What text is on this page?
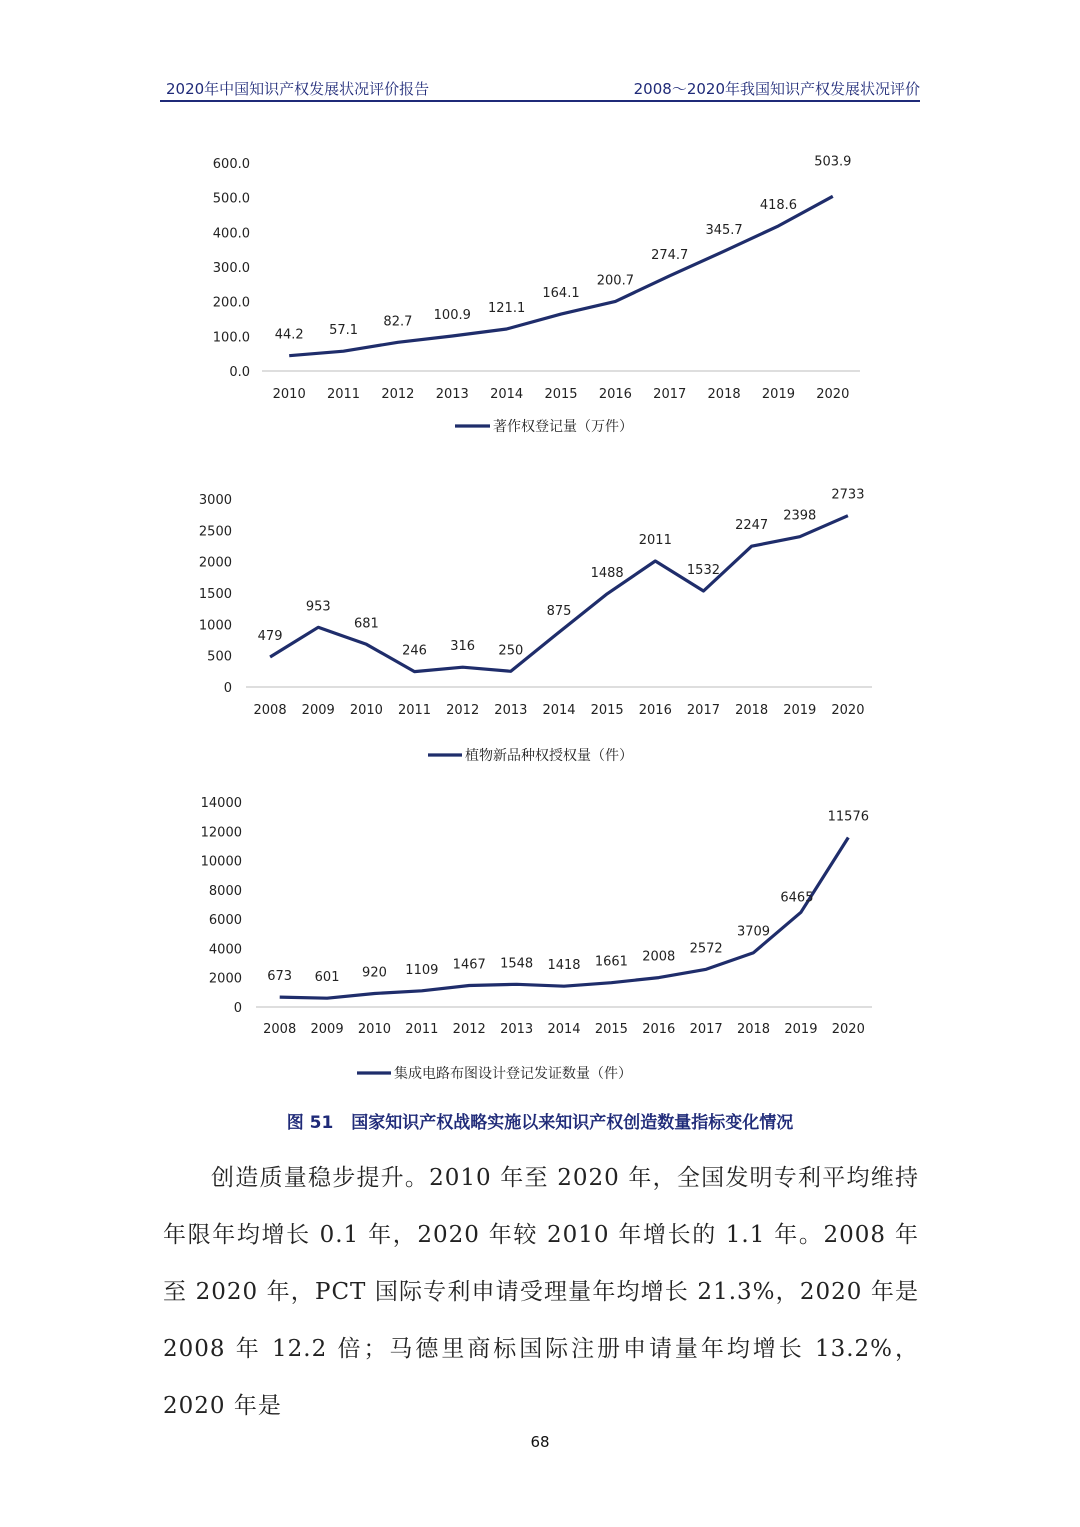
2020年中国知识产权发展状况评价报告	2008～2020年我国知识产权发展状况评价
0.0
100.0
200.0
300.0
400.0
500.0
600.0
2010 2011 2012 2013 2014 2015 2016 2017 2018 2019 2020
44.2 57.1
82.7 100.9 121.1
164.1
200.7
274.7
345.7
418.6
503.9
著作权登记量（万件）
0
500
1000
1500
2000
2500
3000
2008 2009 2010 2011 2012 2013 2014 2015 2016 2017 2018 2019 2020
479
953
681
246 316 250
875
1488
2011
1532
2247
2398
2733
植物新品种权授权量（件）
0
2000
4000
6000
8000
10000
12000
14000
2008 2009 2010 2011 2012 2013 2014 2015 2016 2017 2018 2019 2020
673 601 920 1109 1467 1548 1418 1661 2008
2572
3709
6465
11576
集成电路布图设计登记发证数量（件）
图 51 国家知识产权战略实施以来知识产权创造数量指标变化情况
创造质量稳步提升。2010 年至 2020 年，全国发明专利平均维持年限年均增长 0.1 年，2020 年较 2010 年增长的 1.1 年。2008 年至 2020 年，PCT 国际专利申请受理量年均增长 21.3%，2020 年是 2008 年 12.2 倍；马德里商标国际注册申请量年均增长 13.2%，2020 年是
68
